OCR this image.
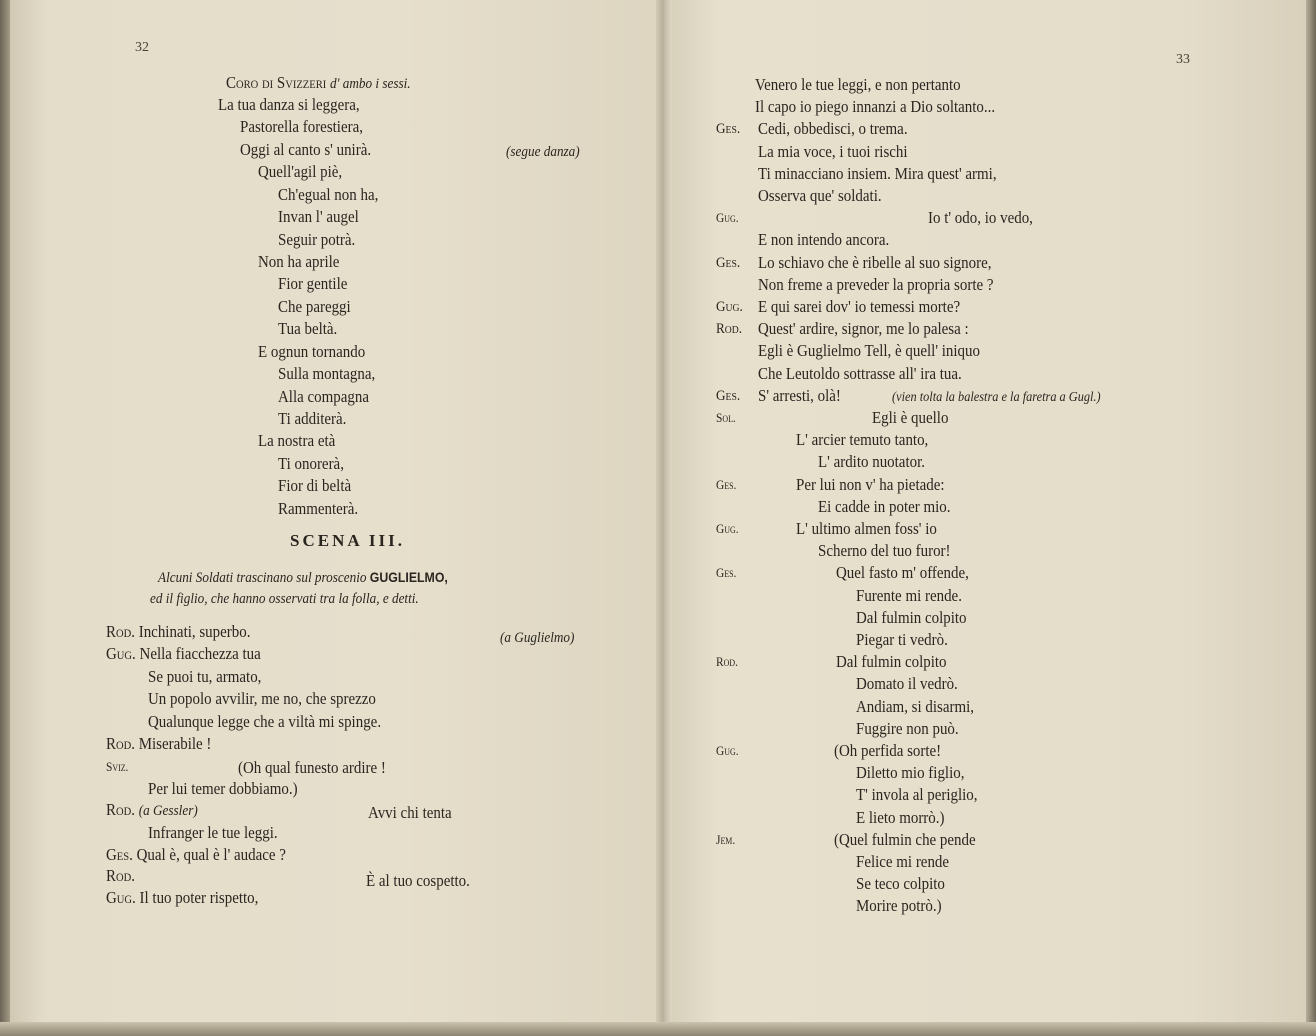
32
Coro di Svizzeri d' ambo i sessi.
La tua danza si leggera,
Pastorella forestiera,
Oggi al canto s' unirà.	(segue danza)
Quell'agil piè,
Ch'egual non ha,
Invan l' augel
Seguir potrà.
Non ha aprile
Fior gentile
Che pareggi
Tua beltà.
E ognun tornando
Sulla montagna,
Alla compagna
Ti additerà.
La nostra età
Ti onorerà,
Fior di beltà
Rammenterà.
SCENA III.
Alcuni Soldati trascinano sul proscenio GUGLIELMO,
ed il figlio, che hanno osservati tra la folla, e detti.
Rod. Inchinati, superbo.	(a Guglielmo)
Gug. Nella fiacchezza tua
Se puoi tu, armato,
Un popolo avvilir, me no, che sprezzo
Qualunque legge che a viltà mi spinge.
Rod. Miserabile !
Sviz.	(Oh qual funesto ardire !
Per lui temer dobbiamo.)
Rod. (a Gessler)	Avvi chi tenta
Infranger le tue leggi.
Ges. Qual è, qual è l' audace ?
Rod.	È al tuo cospetto.
Gug. Il tuo poter rispetto,
33
Venero le tue leggi, e non pertanto
Il capo io piego innanzi a Dio soltanto...
Ges. Cedi, obbedisci, o trema.
La mia voce, i tuoi rischi
Ti minacciano insiem. Mira quest' armi,
Osserva que' soldati.
Gug.	Io t' odo, io vedo,
E non intendo ancora.
Ges. Lo schiavo che è ribelle al suo signore,
Non freme a preveder la propria sorte ?
Gug. E qui sarei dov' io temessi morte?
Rod. Quest' ardire, signor, me lo palesa :
Egli è Guglielmo Tell, è quell' iniquo
Che Leutoldo sottrasse all' ira tua.
Ges. S' arresti, olà!	(vien tolta la balestra e la faretra a Gugl.)
Sol.	Egli è quello
L' arcier temuto tanto,
L' ardito nuotator.
Ges.	Per lui non v' ha pietade:
Ei cadde in poter mio.
Gug.	L' ultimo almen foss' io
Scherno del tuo furor!
Ges.	Quel fasto m' offende,
Furente mi rende.
Dal fulmin colpito
Piegar ti vedrò.
Rod.	Dal fulmin colpito
Domato il vedrò.
Andiam, si disarmi,
Fuggire non può.
Gug.	(Oh perfida sorte!
Diletto mio figlio,
T' invola al periglio,
E lieto morrò.)
Jem.	(Quel fulmin che pende
Felice mi rende
Se teco colpito
Morire potrò.)
